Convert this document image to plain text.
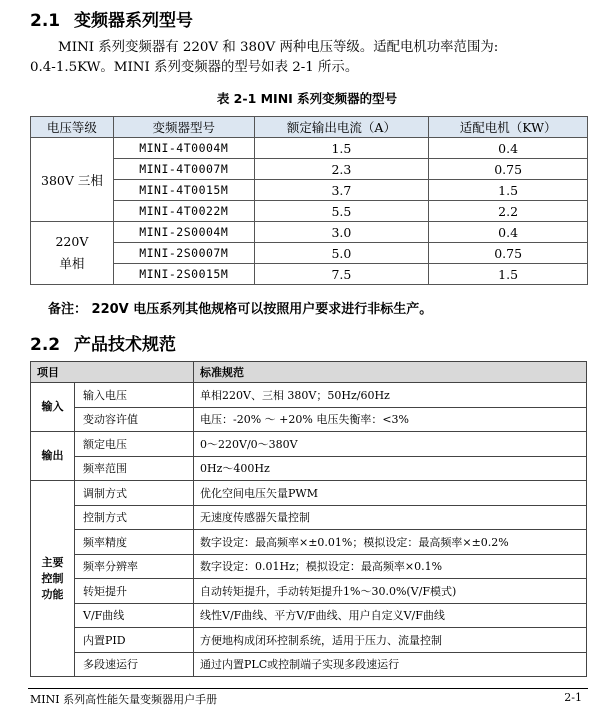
2.1 变频器系列型号
MINI 系列变频器有 220V 和 380V 两种电压等级。适配电机功率范围为:
0.4-1.5KW。MINI 系列变频器的型号如表 2-1 所示。
表 2-1 MINI 系列变频器的型号
电压等级	变频器型号	额定输出电流（A）	适配电机（KW）
380V 三相	MINI-4T0004M	1.5	0.4
	MINI-4T0007M	2.3	0.75
	MINI-4T0015M	3.7	1.5
	MINI-4T0022M	5.5	2.2

220V
单相	MINI-2S0004M	3.0	0.4
	MINI-2S0007M	5.0	0.75
	MINI-2S0015M	7.5	1.5
备注： 220V 电压系列其他规格可以按照用户要求进行非标生产。
2.2 产品技术规范
项目		标准规范
输入	输入电压	单相220V、三相 380V；50Hz/60Hz
	变动容许值	电压：-20% ～ +20% 电压失衡率：<3%
输出	额定电压	0～220V/0～380V
	频率范围	0Hz～400Hz

主要
控制
功能	调制方式	优化空间电压矢量PWM
	控制方式	无速度传感器矢量控制
	频率精度	数字设定：最高频率×±0.01%；模拟设定：最高频率×±0.2%
	频率分辨率	数字设定：0.01Hz；模拟设定：最高频率×0.1%
	转矩提升	自动转矩提升，手动转矩提升1%～30.0%(V/F模式)
	V/F曲线	线性V/F曲线、平方V/F曲线、用户自定义V/F曲线
	内置PID	方便地构成闭环控制系统，适用于压力、流量控制
	多段速运行	通过内置PLC或控制端子实现多段速运行
MINI 系列高性能矢量变频器用户手册	2-1
